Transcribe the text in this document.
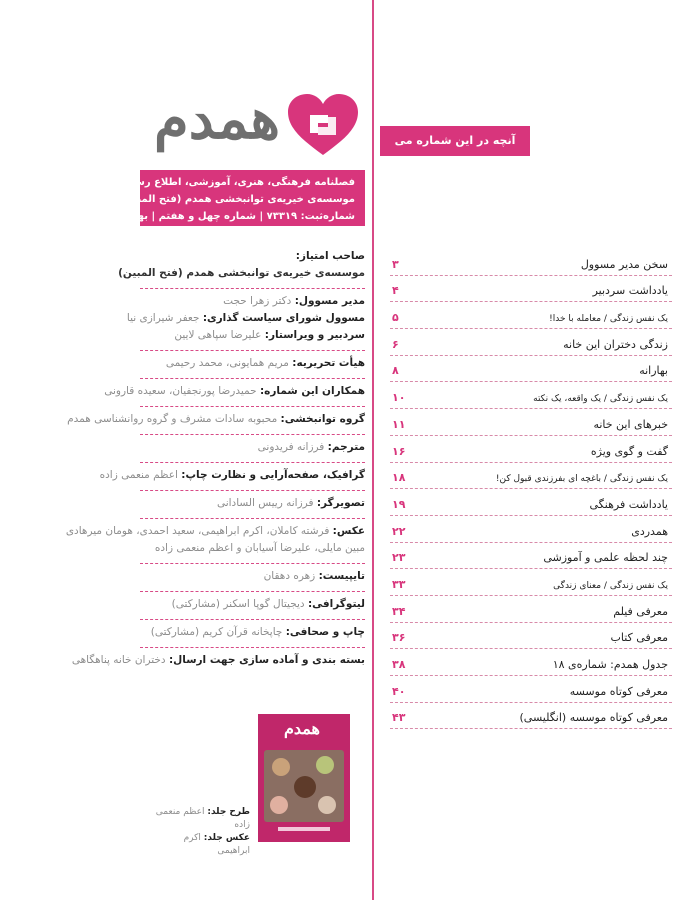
همدم
فصلنامه فرهنگی، هنری، آموزشی، اطلاع رسانی
موسسه‌ی خیریه‌ی توانبخشی همدم (فتح المبین)
شماره‌ثبت: ۷۳۳۱۹ | شماره چهل و هفتم | بهار ۱۴۰۲
صاحب امتیاز:
موسسه‌ی خیریه‌ی توانبخشی همدم (فتح المبین)
مدیر مسوول: دکتر زهرا حجت
مسوول شورای سیاست گذاری: جعفر شیرازی نیا
سردبیر و ویراستار: علیرضا سپاهی لایین
هیأت تحریریه: مریم همایونی، محمد رحیمی
همکاران این شماره: حمیدرضا پورنجفیان، سعیده قارونی
گروه توانبخشی: محبوبه سادات مشرف و گروه روانشناسی همدم
مترجم: فرزانه فریدونی
گرافیک، صفحه‌آرایی و نظارت چاپ: اعظم منعمی زاده
تصویرگر: فرزانه رییس السادانی
عکس: فرشته کاملان، اکرم ابراهیمی، سعید احمدی، هومان میرهادی
مبین مایلی، علیرضا آسیابان و اعظم منعمی زاده
تایپیست: زهره دهقان
لیتوگرافی: دیجیتال گوپا اسکنر (مشارکتی)
چاپ و صحافی: چاپخانه قرآن کریم (مشارکتی)
بسته بندی و آماده سازی جهت ارسال: دختران خانه پناهگاهی
همدم
طرح جلد: اعظم منعمی زاده
عکس جلد: اکرم ابراهیمی
آنچه در این شماره می خوانید
سخن مدیر مسوول
۳
یادداشت سردبیر
۴
یک نفس زندگی / معامله با خدا!
۵
زندگی دختران این خانه
۶
بهارانه
۸
یک نفس زندگی / یک واقعه، یک نکته
۱۰
خبرهای این خانه
۱۱
گفت و گوی ویژه
۱۶
یک نفس زندگی / باغچه ای بفرزندی قبول کن!
۱۸
یادداشت فرهنگی
۱۹
همدردی
۲۲
چند لحظه علمی و آموزشی
۲۳
یک نفس زندگی / معنای زندگی
۳۳
معرفی فیلم
۳۴
معرفی کتاب
۳۶
جدول همدم: شماره‌ی ۱۸
۳۸
معرفی کوتاه موسسه
۴۰
معرفی کوتاه موسسه (انگلیسی)
۴۳
